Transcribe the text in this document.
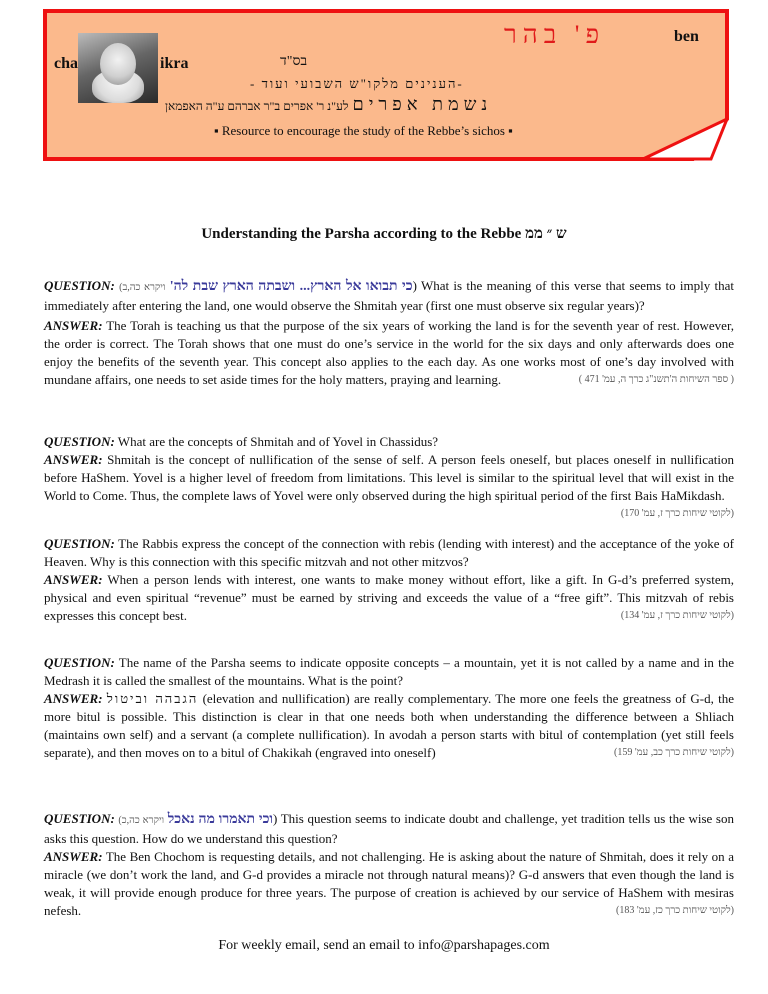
פ' בהר	ben
cha	ikra	בס"ד
-הענינים מלקו"ש השבועי ועוד -
נשמת אפרים לע"נ ר' אפרים ב"ר אברהם ע"ה האפמאן
▪ Resource to encourage the study of the Rebbe’s sichos ▪
Understanding the Parsha according to the Rebbe ש ״ ממ
QUESTION: (ויקרא כה,ב כי תבואו אל הארץ... ושבתה הארץ שבת לה') What is the meaning of this verse that seems to imply that immediately after entering the land, one would observe the Shmitah year (first one must observe six regular years)?
ANSWER: The Torah is teaching us that the purpose of the six years of working the land is for the seventh year of rest. However, the order is correct. The Torah shows that one must do one’s service in the world for the six days and only afterwards does one enjoy the benefits of the seventh year. This concept also applies to the each day. As one works most of one’s day involved with mundane affairs, one needs to set aside times for the holy matters, praying and learning.	( ספר השיחות ה'תשנ"ג כרך ה, עמ' 471 )
QUESTION: What are the concepts of Shmitah and of Yovel in Chassidus?
ANSWER: Shmitah is the concept of nullification of the sense of self. A person feels oneself, but places oneself in nullification before HaShem. Yovel is a higher level of freedom from limitations. This level is similar to the spiritual level that will exist in the World to Come. Thus, the complete laws of Yovel were only observed during the high spiritual period of the first Bais HaMikdash.
(לקוטי שיחות כרך ז, עמ' 170)
QUESTION: The Rabbis express the concept of the connection with rebis (lending with interest) and the acceptance of the yoke of Heaven. Why is this connection with this specific mitzvah and not other mitzvos?
ANSWER: When a person lends with interest, one wants to make money without effort, like a gift. In G-d’s preferred system, physical and even spiritual “revenue” must be earned by striving and exceeds the value of a “free gift”. This mitzvah of rebis expresses this concept best.	(לקוטי שיחות כרך ז, עמ' 134)
QUESTION: The name of the Parsha seems to indicate opposite concepts – a mountain, yet it is not called by a name and in the Medrash it is called the smallest of the mountains. What is the point?
ANSWER: הגבהה וביטול (elevation and nullification) are really complementary. The more one feels the greatness of G-d, the more bitul is possible. This distinction is clear in that one needs both when understanding the difference between a Shliach (maintains own self) and a servant (a complete nullification). In avodah a person starts with bitul of contemplation (yet still feels separate), and then moves on to a bitul of Chakikah (engraved into oneself)	(לקוטי שיחות כרך כב, עמ' 159)
QUESTION: (ויקרא כה,כ וכי תאמרו מה נאכל) This question seems to indicate doubt and challenge, yet tradition tells us the wise son asks this question. How do we understand this question?
ANSWER: The Ben Chochom is requesting details, and not challenging. He is asking about the nature of Shmitah, does it rely on a miracle (we don’t work the land, and G-d provides a miracle not through natural means)? G-d answers that even though the land is weak, it will provide enough produce for three years. The purpose of creation is achieved by our service of HaShem with mesiras nefesh.	(לקוטי שיחות כרך כז, עמ' 183)
For weekly email, send an email to info@parshapages.com
